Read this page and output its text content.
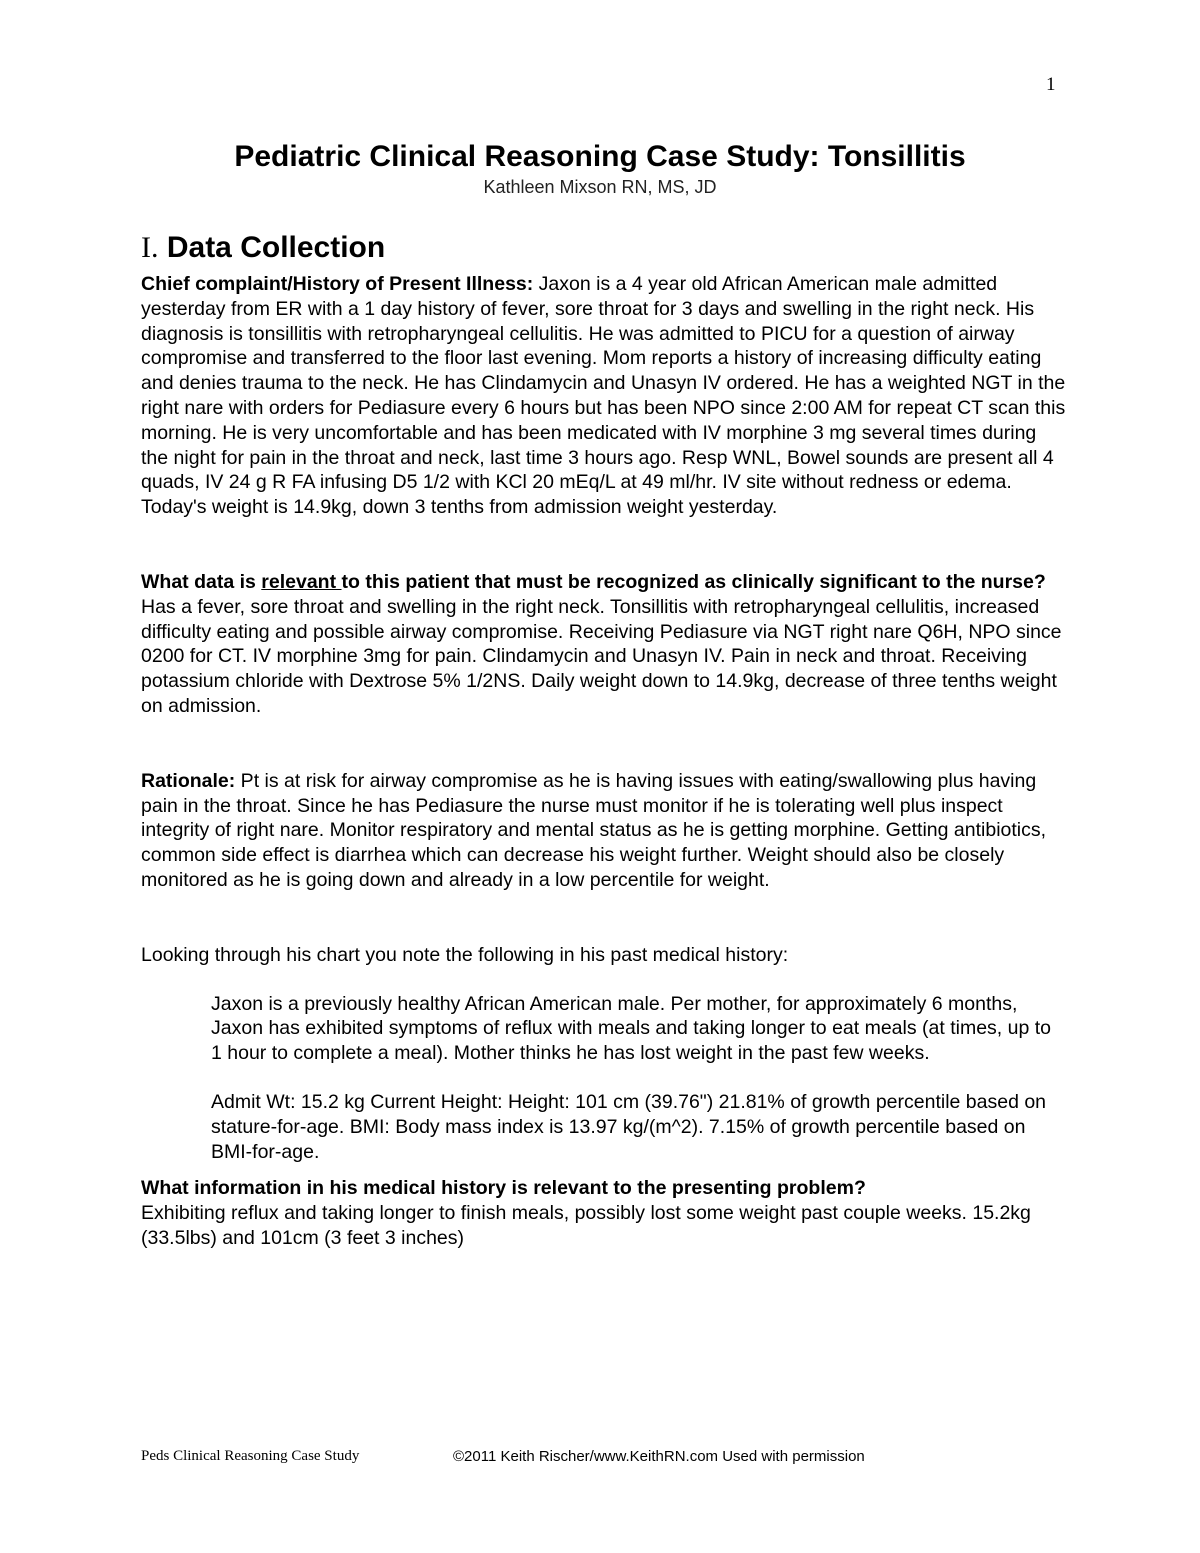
1
Pediatric Clinical Reasoning Case Study: Tonsillitis
Kathleen Mixson RN, MS, JD
I. Data Collection

Chief complaint/History of Present Illness: Jaxon is a 4 year old African American male admitted yesterday from ER with a 1 day history of fever, sore throat for 3 days and swelling in the right neck. His diagnosis is tonsillitis with retropharyngeal cellulitis. He was admitted to PICU for a question of airway compromise and transferred to the floor last evening. Mom reports a history of increasing difficulty eating and denies trauma to the neck. He has Clindamycin and Unasyn IV ordered. He has a weighted NGT in the right nare with orders for Pediasure every 6 hours but has been NPO since 2:00 AM for repeat CT scan this morning. He is very uncomfortable and has been medicated with IV morphine 3 mg several times during the night for pain in the throat and neck, last time 3 hours ago. Resp WNL, Bowel sounds are present all 4 quads, IV 24 g R FA infusing D5 1/2 with KCl 20 mEq/L at 49 ml/hr. IV site without redness or edema. Today's weight is 14.9kg, down 3 tenths from admission weight yesterday.

What data is relevant to this patient that must be recognized as clinically significant to the nurse? Has a fever, sore throat and swelling in the right neck. Tonsillitis with retropharyngeal cellulitis, increased difficulty eating and possible airway compromise. Receiving Pediasure via NGT right nare Q6H, NPO since 0200 for CT. IV morphine 3mg for pain. Clindamycin and Unasyn IV. Pain in neck and throat. Receiving potassium chloride with Dextrose 5% 1/2NS. Daily weight down to 14.9kg, decrease of three tenths weight on admission.

Rationale: Pt is at risk for airway compromise as he is having issues with eating/swallowing plus having pain in the throat. Since he has Pediasure the nurse must monitor if he is tolerating well plus inspect integrity of right nare. Monitor respiratory and mental status as he is getting morphine. Getting antibiotics, common side effect is diarrhea which can decrease his weight further. Weight should also be closely monitored as he is going down and already in a low percentile for weight.

Looking through his chart you note the following in his past medical history:

Jaxon is a previously healthy African American male. Per mother, for approximately 6 months, Jaxon has exhibited symptoms of reflux with meals and taking longer to eat meals (at times, up to 1 hour to complete a meal). Mother thinks he has lost weight in the past few weeks.

Admit Wt: 15.2 kg Current Height: Height: 101 cm (39.76") 21.81% of growth percentile based on stature-for-age. BMI: Body mass index is 13.97 kg/(m^2). 7.15% of growth percentile based on BMI-for-age.

What information in his medical history is relevant to the presenting problem?

Exhibiting reflux and taking longer to finish meals, possibly lost some weight past couple weeks. 15.2kg (33.5lbs) and 101cm (3 feet 3 inches)

Peds Clinical Reasoning Case Study	©2011 Keith Rischer/www.KeithRN.com Used with permission
